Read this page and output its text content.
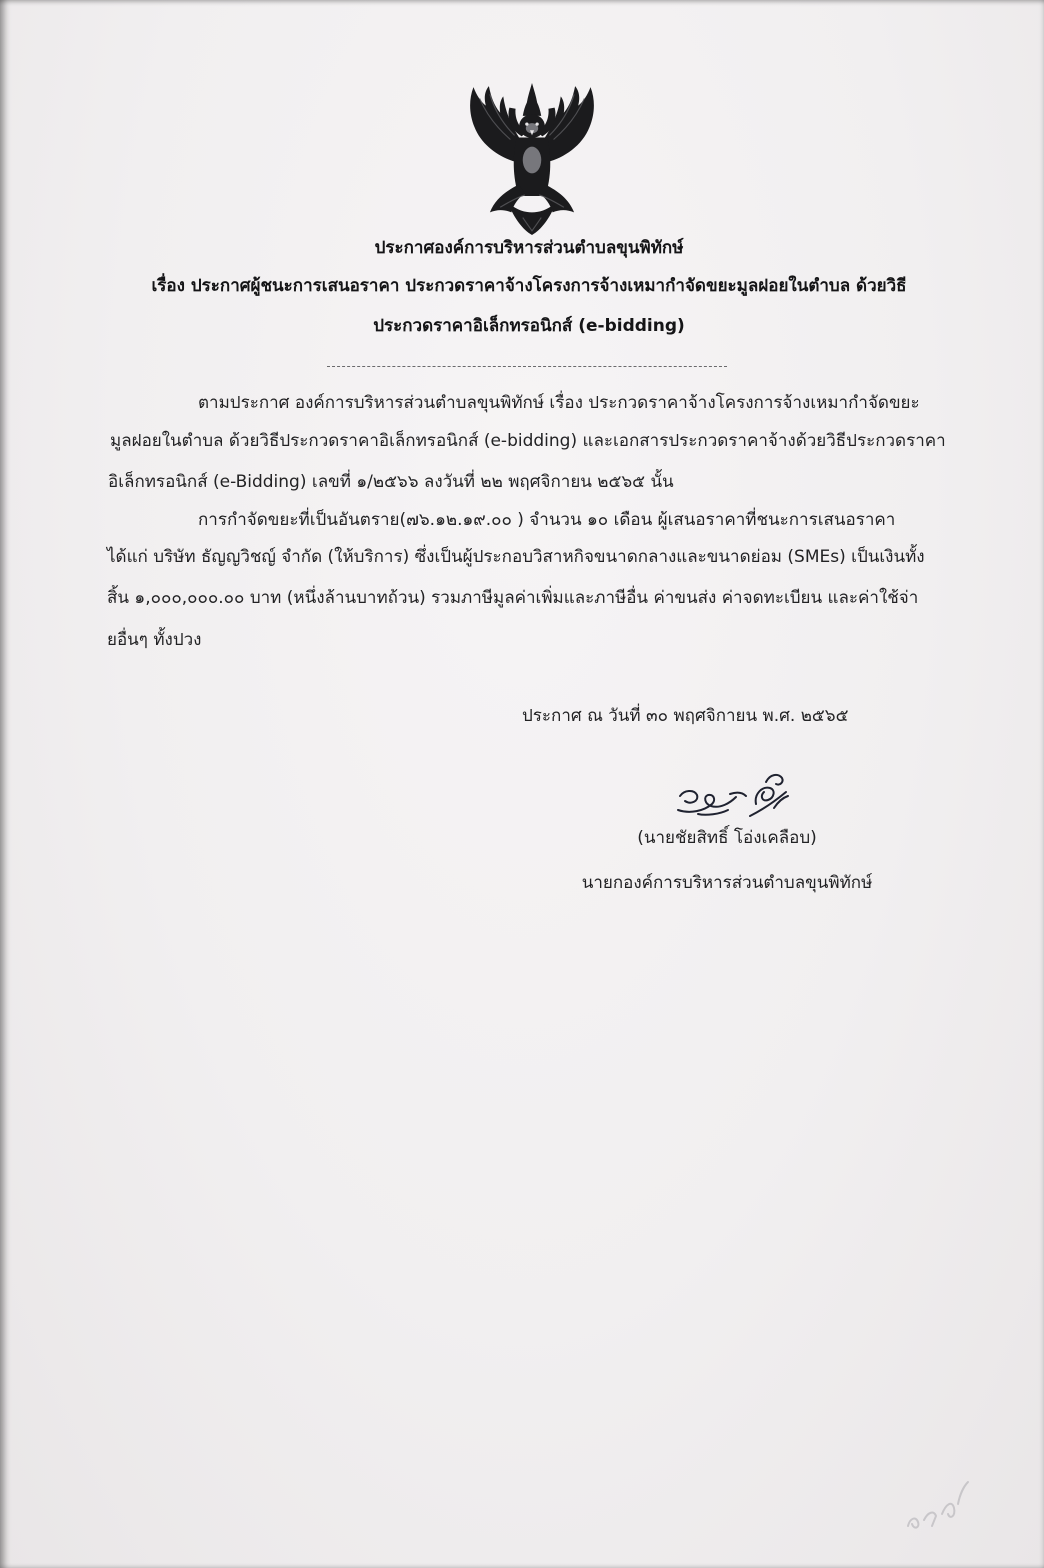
ประกาศองค์การบริหารส่วนตำบลขุนพิทักษ์
เรื่อง ประกาศผู้ชนะการเสนอราคา ประกวดราคาจ้างโครงการจ้างเหมากำจัดขยะมูลฝอยในตำบล ด้วยวิธี
ประกวดราคาอิเล็กทรอนิกส์ (e-bidding)
ตามประกาศ องค์การบริหารส่วนตำบลขุนพิทักษ์ เรื่อง ประกวดราคาจ้างโครงการจ้างเหมากำจัดขยะ
มูลฝอยในตำบล ด้วยวิธีประกวดราคาอิเล็กทรอนิกส์ (e-bidding) และเอกสารประกวดราคาจ้างด้วยวิธีประกวดราคา
อิเล็กทรอนิกส์ (e-Bidding) เลขที่ ๑/๒๕๖๖ ลงวันที่ ๒๒ พฤศจิกายน ๒๕๖๕ นั้น
การกำจัดขยะที่เป็นอันตราย(๗๖.๑๒.๑๙.๐๐ ) จำนวน ๑๐ เดือน ผู้เสนอราคาที่ชนะการเสนอราคา
ได้แก่ บริษัท ธัญญวิชญ์ จำกัด (ให้บริการ) ซึ่งเป็นผู้ประกอบวิสาหกิจขนาดกลางและขนาดย่อม (SMEs) เป็นเงินทั้ง
สิ้น ๑,๐๐๐,๐๐๐.๐๐ บาท (หนึ่งล้านบาทถ้วน) รวมภาษีมูลค่าเพิ่มและภาษีอื่น ค่าขนส่ง ค่าจดทะเบียน และค่าใช้จ่า
ยอื่นๆ ทั้งปวง
ประกาศ ณ วันที่ ๓๐ พฤศจิกายน พ.ศ. ๒๕๖๕
(นายชัยสิทธิ์ โอ่งเคลือบ)
นายกองค์การบริหารส่วนตำบลขุนพิทักษ์
